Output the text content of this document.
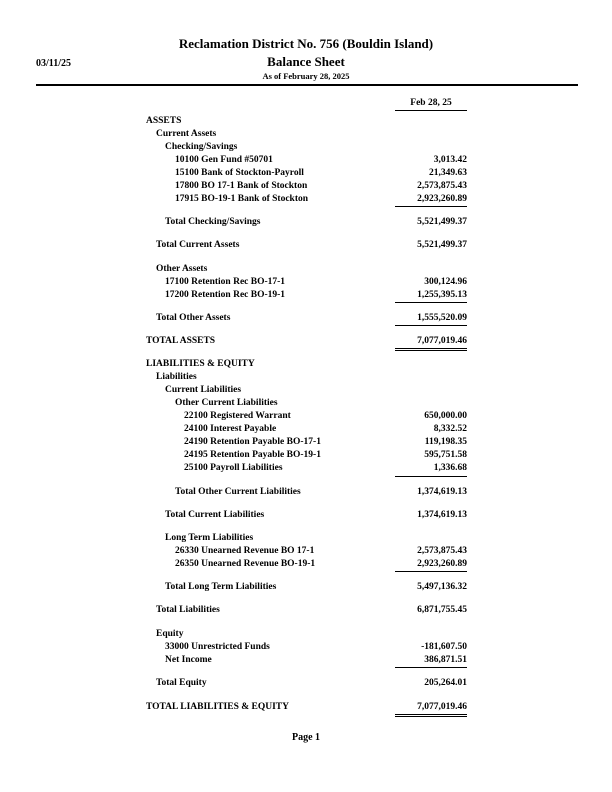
Reclamation District No. 756 (Bouldin Island)
03/11/25	Balance Sheet
As of February 28, 2025
Feb 28, 25
ASSETS
Current Assets
Checking/Savings
10100 Gen Fund #50701	3,013.42
15100 Bank of Stockton-Payroll	21,349.63
17800 BO 17-1 Bank of Stockton	2,573,875.43
17915 BO-19-1 Bank of Stockton	2,923,260.89
Total Checking/Savings	5,521,499.37
Total Current Assets	5,521,499.37
Other Assets
17100 Retention Rec BO-17-1	300,124.96
17200 Retention Rec BO-19-1	1,255,395.13
Total Other Assets	1,555,520.09
TOTAL ASSETS	7,077,019.46
LIABILITIES & EQUITY
Liabilities
Current Liabilities
Other Current Liabilities
22100 Registered Warrant	650,000.00
24100 Interest Payable	8,332.52
24190 Retention Payable BO-17-1	119,198.35
24195 Retention Payable BO-19-1	595,751.58
25100 Payroll Liabilities	1,336.68
Total Other Current Liabilities	1,374,619.13
Total Current Liabilities	1,374,619.13
Long Term Liabilities
26330 Unearned Revenue BO 17-1	2,573,875.43
26350 Unearned Revenue BO-19-1	2,923,260.89
Total Long Term Liabilities	5,497,136.32
Total Liabilities	6,871,755.45
Equity
33000 Unrestricted Funds	-181,607.50
Net Income	386,871.51
Total Equity	205,264.01
TOTAL LIABILITIES & EQUITY	7,077,019.46
Page 1
